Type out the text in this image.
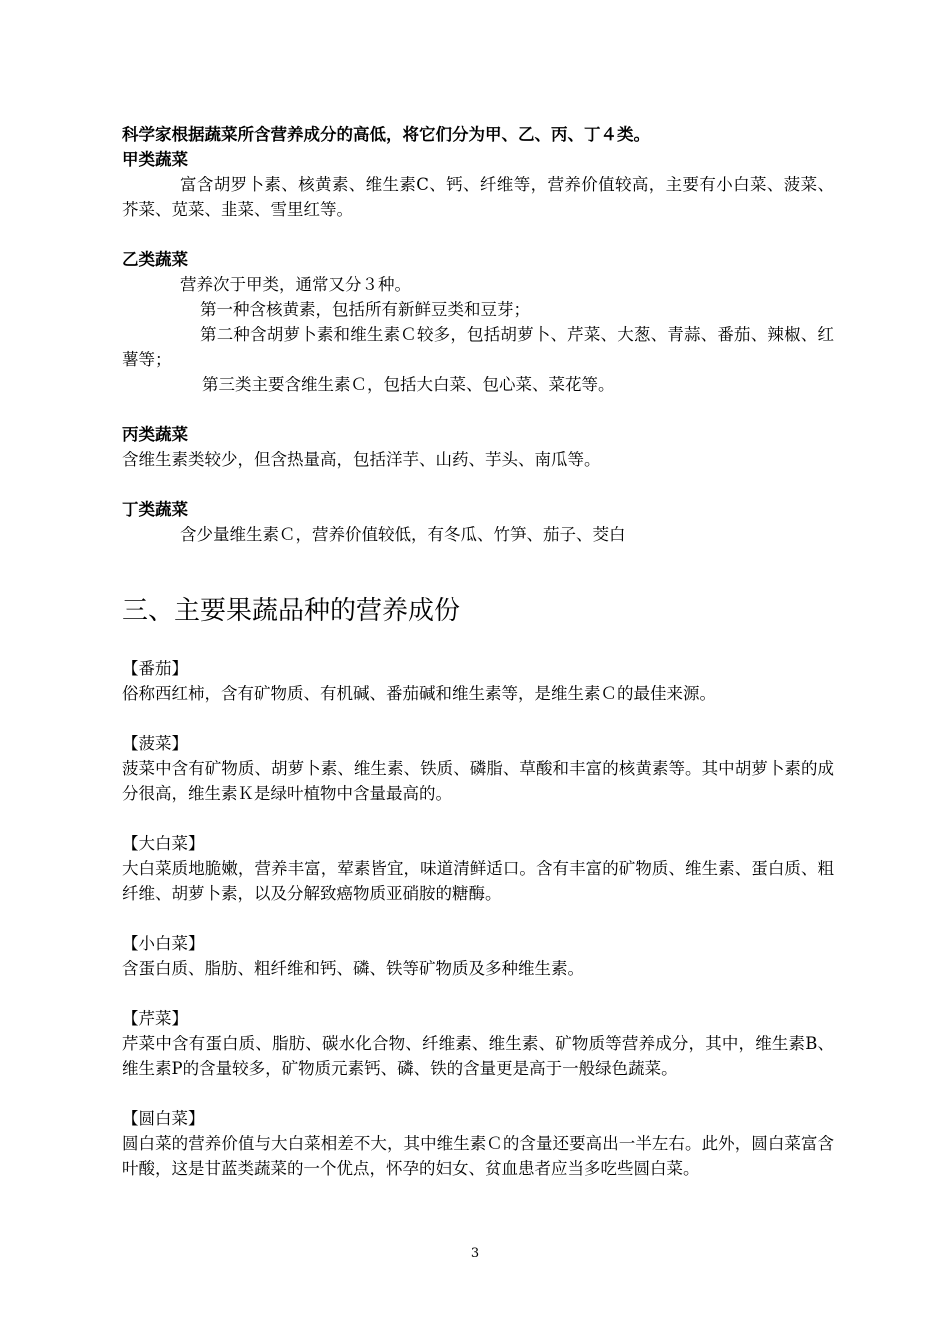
科学家根据蔬菜所含营养成分的高低，将它们分为甲、乙、丙、丁４类。

甲类蔬菜

富含胡罗卜素、核黄素、维生素C、钙、纤维等，营养价值较高，主要有小白菜、菠菜、芥菜、苋菜、韭菜、雪里红等。

乙类蔬菜

营养次于甲类，通常又分３种。

第一种含核黄素，包括所有新鲜豆类和豆芽；

第二种含胡萝卜素和维生素Ｃ较多，包括胡萝卜、芹菜、大葱、青蒜、番茄、辣椒、红薯等；

第三类主要含维生素Ｃ，包括大白菜、包心菜、菜花等。

丙类蔬菜

含维生素类较少，但含热量高，包括洋芋、山药、芋头、南瓜等。

丁类蔬菜

含少量维生素Ｃ，营养价值较低，有冬瓜、竹笋、茄子、茭白

三、主要果蔬品种的营养成份

【番茄】

俗称西红柿，含有矿物质、有机碱、番茄碱和维生素等，是维生素Ｃ的最佳来源。

【菠菜】

菠菜中含有矿物质、胡萝卜素、维生素、铁质、磷脂、草酸和丰富的核黄素等。其中胡萝卜素的成分很高，维生素Ｋ是绿叶植物中含量最高的。

【大白菜】

大白菜质地脆嫩，营养丰富，荤素皆宜，味道清鲜适口。含有丰富的矿物质、维生素、蛋白质、粗纤维、胡萝卜素，以及分解致癌物质亚硝胺的糖酶。

【小白菜】

含蛋白质、脂肪、粗纤维和钙、磷、铁等矿物质及多种维生素。

【芹菜】

芹菜中含有蛋白质、脂肪、碳水化合物、纤维素、维生素、矿物质等营养成分，其中，维生素B、维生素P的含量较多，矿物质元素钙、磷、铁的含量更是高于一般绿色蔬菜。

【圆白菜】

圆白菜的营养价值与大白菜相差不大，其中维生素Ｃ的含量还要高出一半左右。此外，圆白菜富含叶酸，这是甘蓝类蔬菜的一个优点，怀孕的妇女、贫血患者应当多吃些圆白菜。

3
